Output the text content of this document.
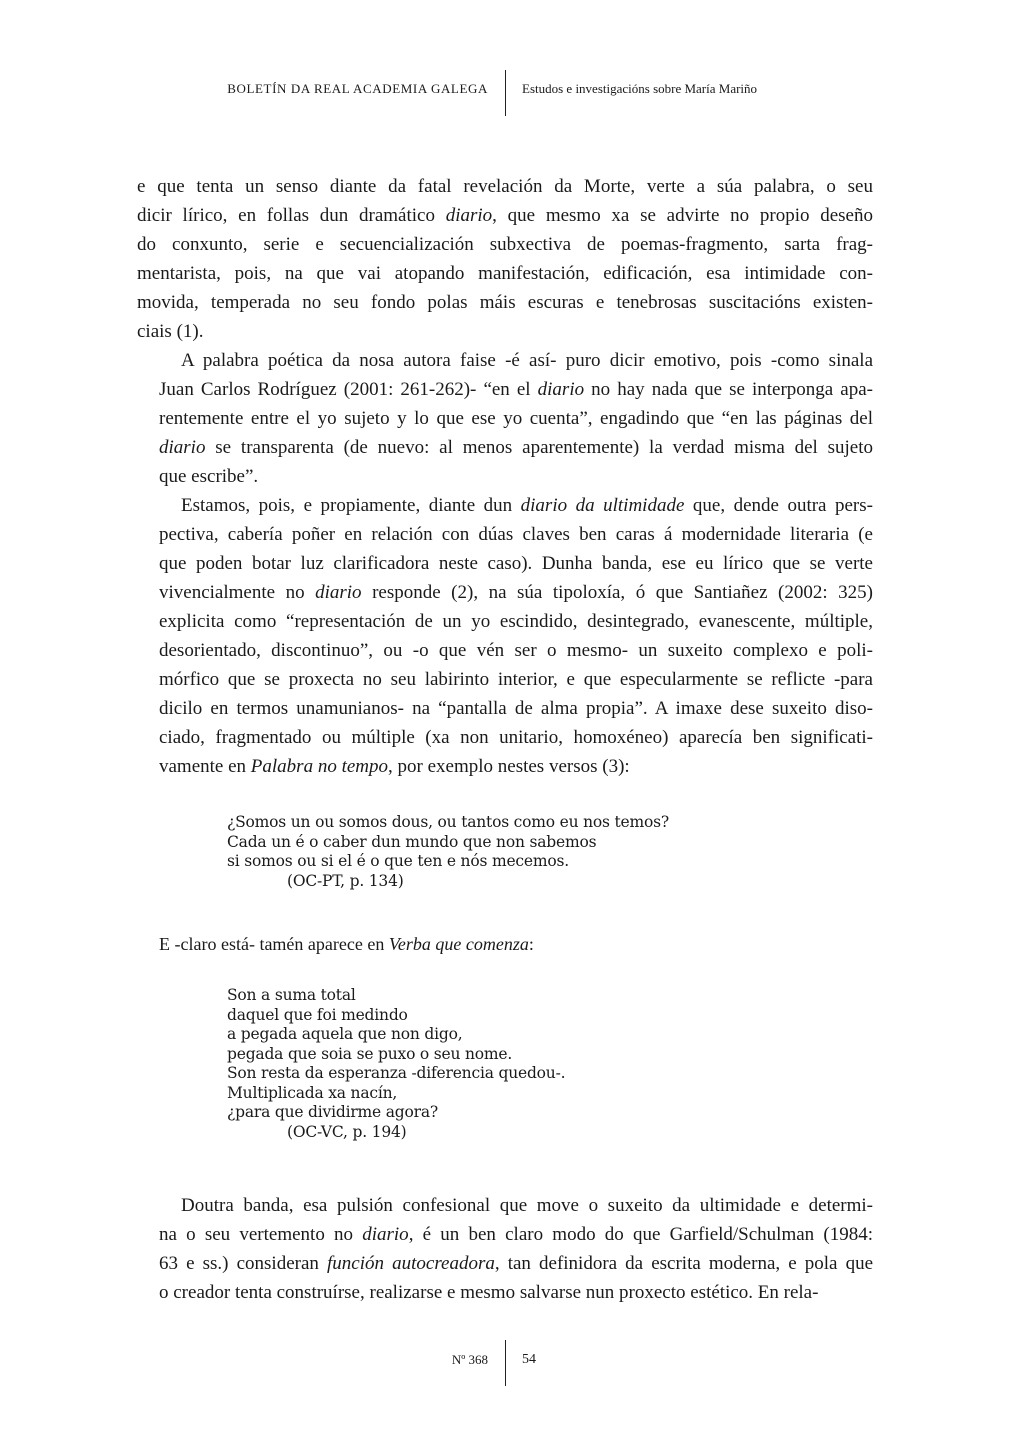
BOLETÍN DA REAL ACADEMIA GALEGA	Estudos e investigacións sobre María Mariño
e que tenta un senso diante da fatal revelación da Morte, verte a súa palabra, o seu
dicir lírico, en follas dun dramático diario, que mesmo xa se advirte no propio deseño
do conxunto, serie e secuencialización subxectiva de poemas-fragmento, sarta frag-
mentarista, pois, na que vai atopando manifestación, edificación, esa intimidade con-
movida, temperada no seu fondo polas máis escuras e tenebrosas suscitacións existen-
ciais (1).
A palabra poética da nosa autora faise -é así- puro dicir emotivo, pois -como sinala
Juan Carlos Rodríguez (2001: 261-262)- “en el diario no hay nada que se interponga apa-
rentemente entre el yo sujeto y lo que ese yo cuenta”, engadindo que “en las páginas del
diario se transparenta (de nuevo: al menos aparentemente) la verdad misma del sujeto
que escribe”.
Estamos, pois, e propiamente, diante dun diario da ultimidade que, dende outra pers-
pectiva, cabería poñer en relación con dúas claves ben caras á modernidade literaria (e
que poden botar luz clarificadora neste caso). Dunha banda, ese eu lírico que se verte
vivencialmente no diario responde (2), na súa tipoloxía, ó que Santiañez (2002: 325)
explicita como “representación de un yo escindido, desintegrado, evanescente, múltiple,
desorientado, discontinuo”, ou -o que vén ser o mesmo- un suxeito complexo e poli-
mórfico que se proxecta no seu labirinto interior, e que especularmente se reflicte -para
dicilo en termos unamunianos- na “pantalla de alma propia”. A imaxe dese suxeito diso-
ciado, fragmentado ou múltiple (xa non unitario, homoxéneo) aparecía ben significati-
vamente en Palabra no tempo, por exemplo nestes versos (3):
¿Somos un ou somos dous, ou tantos como eu nos temos?
Cada un é o caber dun mundo que non sabemos
si somos ou si el é o que ten e nós mecemos.
(OC-PT, p. 134)
E -claro está- tamén aparece en Verba que comenza:
Son a suma total
daquel que foi medindo
a pegada aquela que non digo,
pegada que soia se puxo o seu nome.
Son resta da esperanza -diferencia quedou-.
Multiplicada xa nacín,
¿para que dividirme agora?
(OC-VC, p. 194)
Doutra banda, esa pulsión confesional que move o suxeito da ultimidade e determi-
na o seu vertemento no diario, é un ben claro modo do que Garfield/Schulman (1984:
63 e ss.) consideran función autocreadora, tan definidora da escrita moderna, e pola que
o creador tenta construírse, realizarse e mesmo salvarse nun proxecto estético. En rela-
Nº 368 54
